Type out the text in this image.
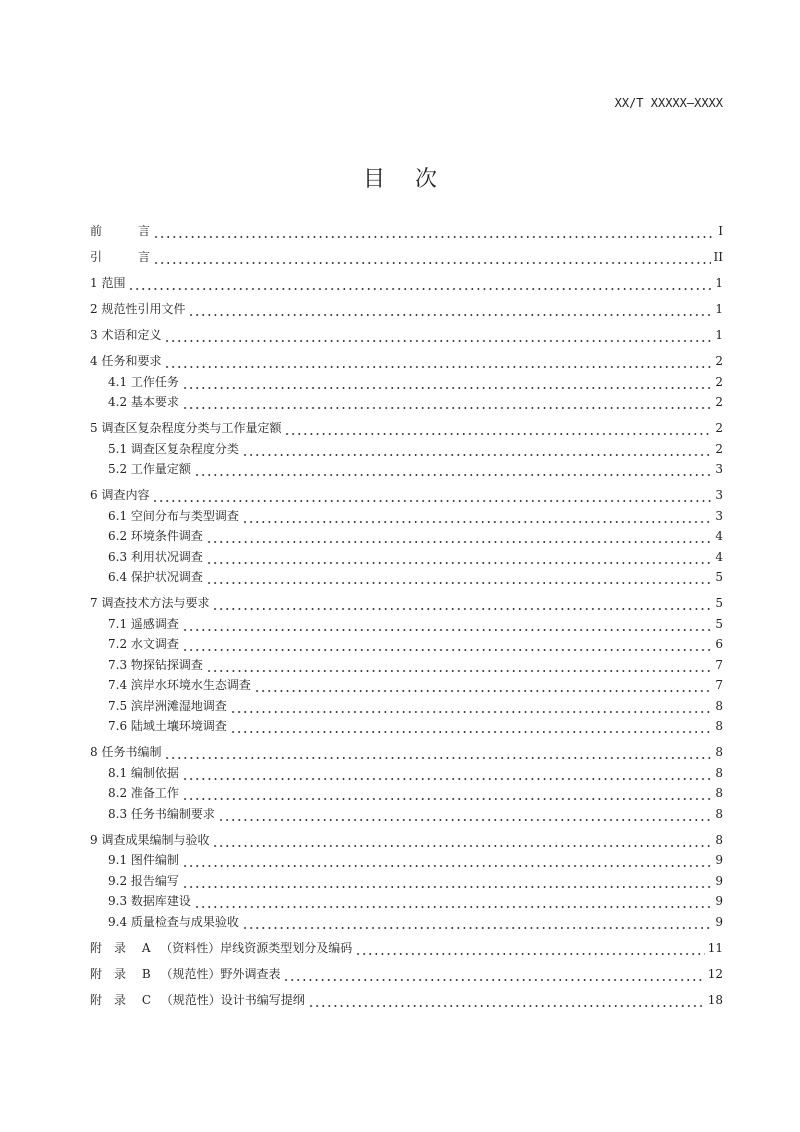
XX/T XXXXX—XXXX
目次
前　　　言	I
引　　　言	II
1 范围	1
2 规范性引用文件	1
3 术语和定义	1
4 任务和要求	2
4.1 工作任务	2
4.2 基本要求	2
5 调查区复杂程度分类与工作量定额	2
5.1 调查区复杂程度分类	2
5.2 工作量定额	3
6 调查内容	3
6.1 空间分布与类型调查	3
6.2 环境条件调查	4
6.3 利用状况调查	4
6.4 保护状况调查	5
7 调查技术方法与要求	5
7.1 遥感调查	5
7.2 水文调查	6
7.3 物探钻探调查	7
7.4 滨岸水环境水生态调查	7
7.5 滨岸洲滩湿地调查	8
7.6 陆域土壤环境调查	8
8 任务书编制	8
8.1 编制依据	8
8.2 准备工作	8
8.3 任务书编制要求	8
9 调查成果编制与验收	8
9.1 图件编制	9
9.2 报告编写	9
9.3 数据库建设	9
9.4 质量检查与成果验收	9
附　录　 A 　（资料性）岸线资源类型划分及编码	11
附　录　 B 　（规范性）野外调查表	12
附　录　 C 　（规范性）设计书编写提纲	18
